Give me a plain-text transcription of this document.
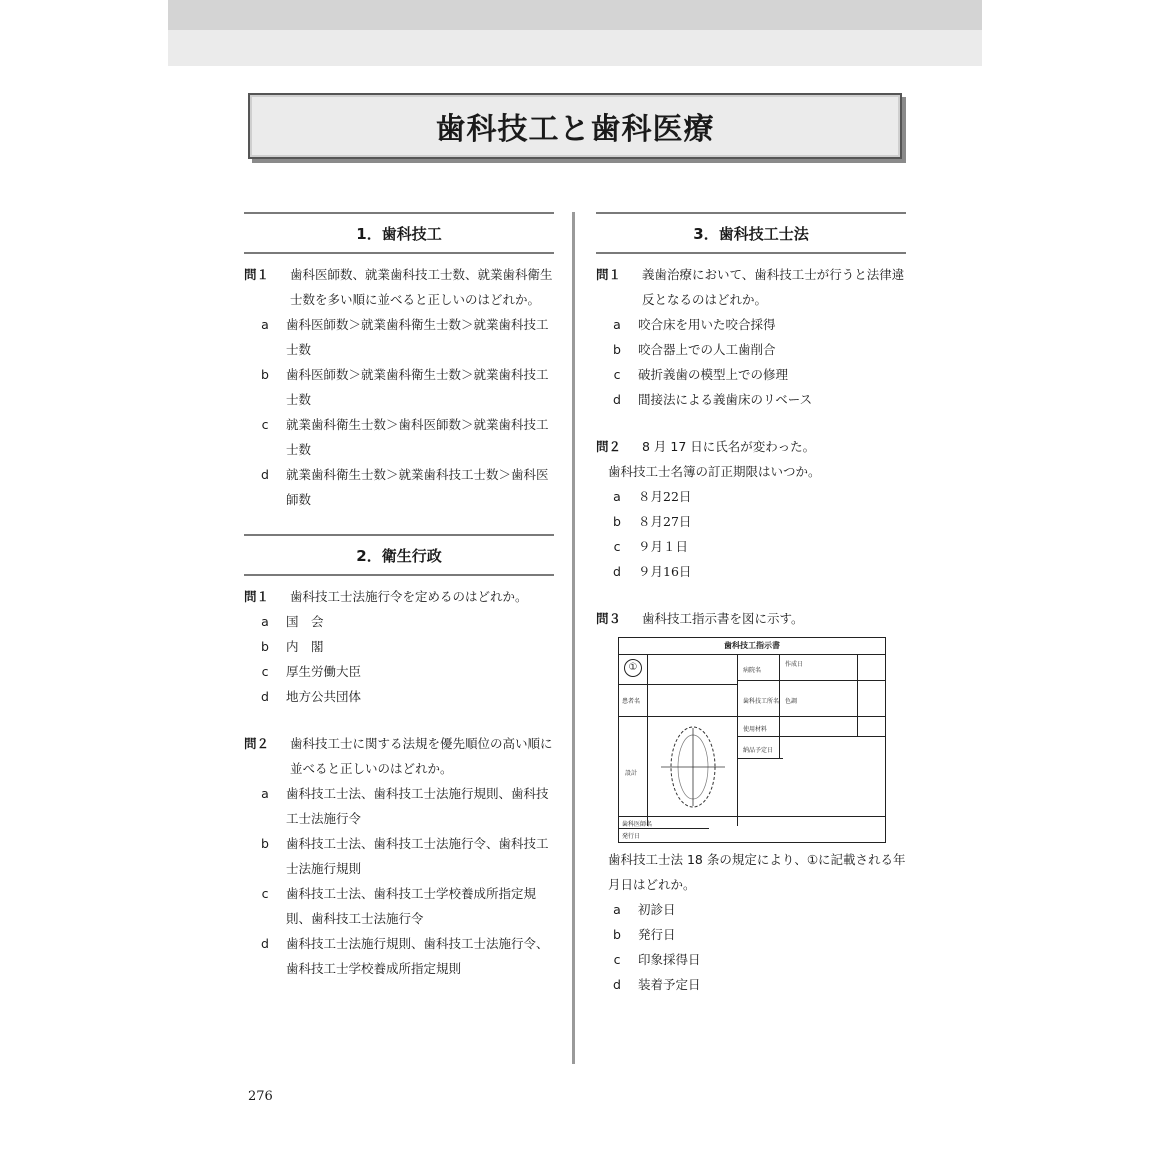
歯科技工と歯科医療
1．歯科技工
問１	歯科医師数、就業歯科技工士数、就業歯科衛生士数を多い順に並べると正しいのはどれか。
a	歯科医師数＞就業歯科衛生士数＞就業歯科技工士数
b	歯科医師数＞就業歯科衛生士数＞就業歯科技工士数
c	就業歯科衛生士数＞歯科医師数＞就業歯科技工士数
d	就業歯科衛生士数＞就業歯科技工士数＞歯科医師数
2．衛生行政
問１	歯科技工士法施行令を定めるのはどれか。
a	国　会
b	内　閣
c	厚生労働大臣
d	地方公共団体
問２	歯科技工士に関する法規を優先順位の高い順に並べると正しいのはどれか。
a	歯科技工士法、歯科技工士法施行規則、歯科技工士法施行令
b	歯科技工士法、歯科技工士法施行令、歯科技工士法施行規則
c	歯科技工士法、歯科技工士学校養成所指定規則、歯科技工士法施行令
d	歯科技工士法施行規則、歯科技工士法施行令、歯科技工士学校養成所指定規則
3．歯科技工士法
問１	義歯治療において、歯科技工士が行うと法律違反となるのはどれか。
a	咬合床を用いた咬合採得
b	咬合器上での人工歯削合
c	破折義歯の模型上での修理
d	間接法による義歯床のリベース
問２	8 月 17 日に氏名が変わった。
歯科技工士名簿の訂正期限はいつか。
a	８月22日
b	８月27日
c	９月１日
d	９月16日
問３	歯科技工指示書を図に示す。
歯科技工指示書
①
患者名
設計
病院名
歯科技工所名
使用材料
納品予定日
作成日
色調
歯科医師名
発行日
歯科技工士法 18 条の規定により、①に記載される年月日はどれか。
a	初診日
b	発行日
c	印象採得日
d	装着予定日
276
